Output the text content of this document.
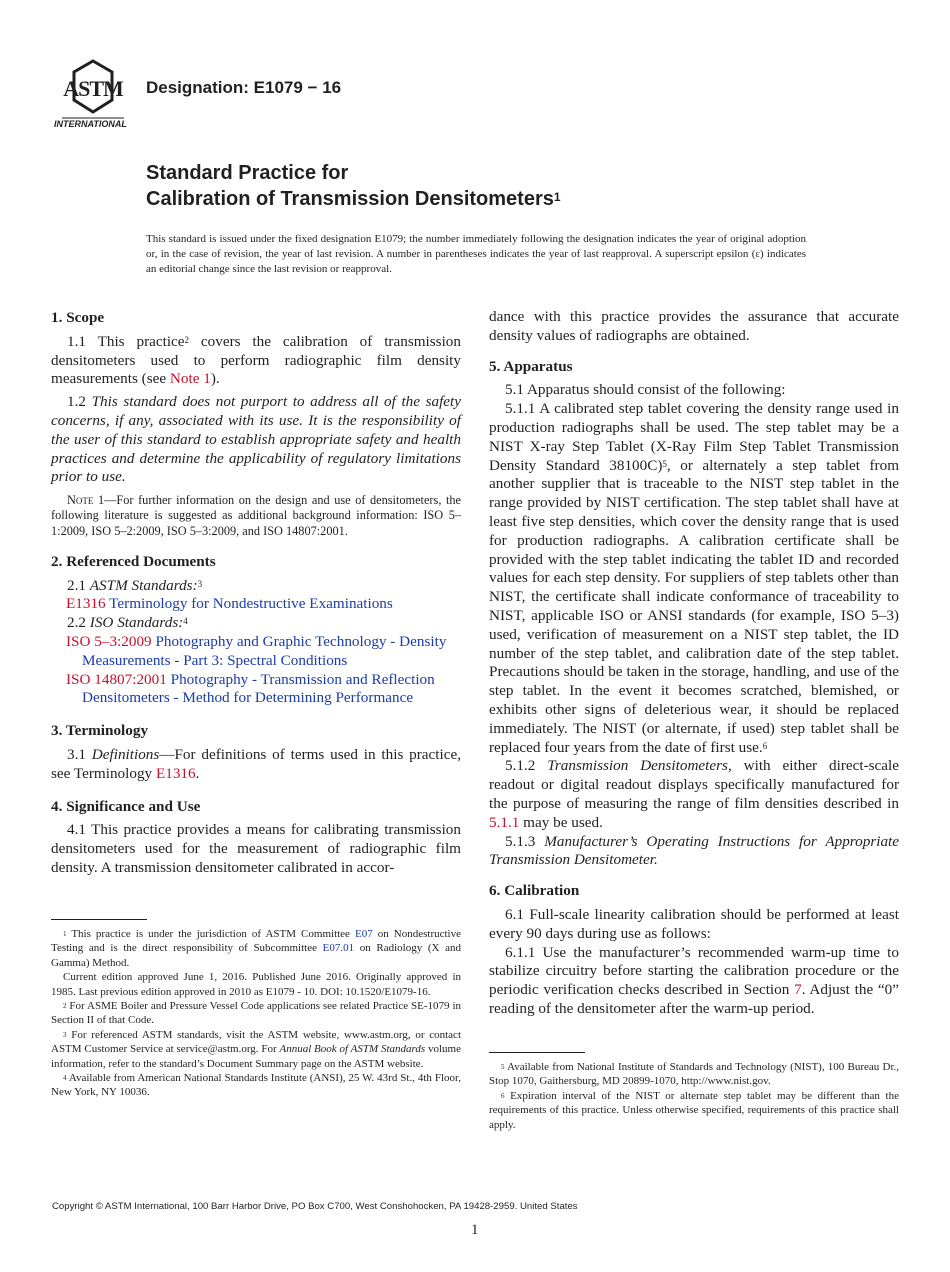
ASTM
INTERNATIONAL
Designation: E1079 − 16
Standard Practice for
Calibration of Transmission Densitometers$^1$
This standard is issued under the fixed designation E1079; the number immediately following the designation indicates the year of original adoption or, in the case of revision, the year of last revision. A number in parentheses indicates the year of last reapproval. A superscript epsilon (ε) indicates an editorial change since the last revision or reapproval.
1. Scope

1.1 This practice$^2$ covers the calibration of transmission densitometers used to perform radiographic film density measurements (see Note 1).

1.2 This standard does not purport to address all of the safety concerns, if any, associated with its use. It is the responsibility of the user of this standard to establish appropriate safety and health practices and determine the applicability of regulatory limitations prior to use.

Note 1—For further information on the design and use of densitometers, the following literature is suggested as additional background information: ISO 5–1:2009, ISO 5–2:2009, ISO 5–3:2009, and ISO 14807:2001.

2. Referenced Documents

2.1 ASTM Standards:$^3$

E1316 Terminology for Nondestructive Examinations

2.2 ISO Standards:$^4$

ISO 5–3:2009 Photography and Graphic Technology - Density Measurements - Part 3: Spectral Conditions

ISO 14807:2001 Photography - Transmission and Reflection Densitometers - Method for Determining Performance

3. Terminology

3.1 Definitions—For definitions of terms used in this practice, see Terminology E1316.

4. Significance and Use

4.1 This practice provides a means for calibrating transmission densitometers used for the measurement of radiographic film density. A transmission densitometer calibrated in accor-

$^1$ This practice is under the jurisdiction of ASTM Committee E07 on Nondestructive Testing and is the direct responsibility of Subcommittee E07.01 on Radiology (X and Gamma) Method.

Current edition approved June 1, 2016. Published June 2016. Originally approved in 1985. Last previous edition approved in 2010 as E1079 - 10. DOI: 10.1520/E1079-16.

$^2$ For ASME Boiler and Pressure Vessel Code applications see related Practice SE-1079 in Section II of that Code.

$^3$ For referenced ASTM standards, visit the ASTM website, www.astm.org, or contact ASTM Customer Service at service@astm.org. For Annual Book of ASTM Standards volume information, refer to the standard’s Document Summary page on the ASTM website.

$^4$ Available from American National Standards Institute (ANSI), 25 W. 43rd St., 4th Floor, New York, NY 10036.

dance with this practice provides the assurance that accurate density values of radiographs are obtained.

5. Apparatus

5.1 Apparatus should consist of the following:

5.1.1 A calibrated step tablet covering the density range used in production radiographs shall be used. The step tablet may be a NIST X-ray Step Tablet (X-Ray Film Step Tablet Transmission Density Standard 38100C)$^5$, or alternately a step tablet from another supplier that is traceable to the NIST step tablet in the range provided by NIST certification. The step tablet shall have at least five step densities, which cover the density range that is used for production radiographs. A calibration certificate shall be provided with the step tablet indicating the tablet ID and recorded values for each step density. For suppliers of step tablets other than NIST, the certificate shall indicate conformance of traceability to NIST, applicable ISO or ANSI standards (for example, ISO 5–3) used, verification of measurement on a NIST step tablet, the ID number of the step tablet, and calibration date of the step tablet. Precautions should be taken in the storage, handling, and use of the step tablet. In the event it becomes scratched, blemished, or exhibits other signs of deleterious wear, it should be replaced immediately. The NIST (or alternate, if used) step tablet shall be replaced four years from the date of first use.$^6$

5.1.2 Transmission Densitometers, with either direct-scale readout or digital readout displays specifically manufactured for the purpose of measuring the range of film densities described in 5.1.1 may be used.

5.1.3 Manufacturer’s Operating Instructions for Appropriate Transmission Densitometer.

6. Calibration

6.1 Full-scale linearity calibration should be performed at least every 90 days during use as follows:

6.1.1 Use the manufacturer’s recommended warm-up time to stabilize circuitry before starting the calibration procedure or the periodic verification checks described in Section 7. Adjust the “0” reading of the densitometer after the warm-up period.

$^5$ Available from National Institute of Standards and Technology (NIST), 100 Bureau Dr., Stop 1070, Gaithersburg, MD 20899-1070, http://www.nist.gov.

$^6$ Expiration interval of the NIST or alternate step tablet may be different than the requirements of this practice. Unless otherwise specified, requirements of this practice shall apply.

Copyright © ASTM International, 100 Barr Harbor Drive, PO Box C700, West Conshohocken, PA 19428-2959. United States
1
